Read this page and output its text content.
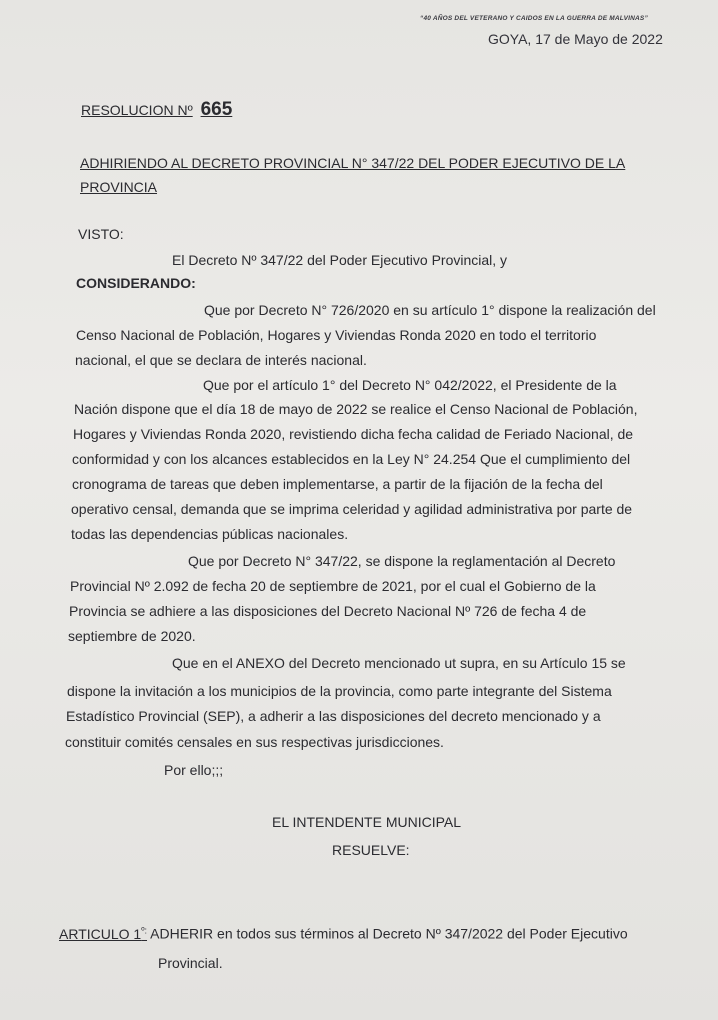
“40 AÑOS DEL VETERANO Y CAIDOS EN LA GUERRA DE MALVINAS”
GOYA, 17 de Mayo de 2022
RESOLUCION Nº 665
ADHIRIENDO AL DECRETO PROVINCIAL N° 347/22 DEL PODER EJECUTIVO DE LA PROVINCIA
VISTO:
El Decreto Nº 347/22 del Poder Ejecutivo Provincial, y
CONSIDERANDO:
Que por Decreto N° 726/2020 en su artículo 1° dispone la realización del
Censo Nacional de Población, Hogares y Viviendas Ronda 2020 en todo el territorio
nacional, el que se declara de interés nacional.
Que por el artículo 1° del Decreto N° 042/2022, el Presidente de la
Nación dispone que el día 18 de mayo de 2022 se realice el Censo Nacional de Población,
Hogares y Viviendas Ronda 2020, revistiendo dicha fecha calidad de Feriado Nacional, de
conformidad y con los alcances establecidos en la Ley N° 24.254 Que el cumplimiento del
cronograma de tareas que deben implementarse, a partir de la fijación de la fecha del
operativo censal, demanda que se imprima celeridad y agilidad administrativa por parte de
todas las dependencias públicas nacionales.
Que por Decreto N° 347/22, se dispone la reglamentación al Decreto
Provincial Nº 2.092 de fecha 20 de septiembre de 2021, por el cual el Gobierno de la
Provincia se adhiere a las disposiciones del Decreto Nacional Nº 726 de fecha 4 de
septiembre de 2020.
Que en el ANEXO del Decreto mencionado ut supra, en su Artículo 15 se
dispone la invitación a los municipios de la provincia, como parte integrante del Sistema
Estadístico Provincial (SEP), a adherir a las disposiciones del decreto mencionado y a
constituir comités censales en sus respectivas jurisdicciones.
Por ello;;;
EL INTENDENTE MUNICIPAL
RESUELVE:
ARTICULO $1^{º:}$ ADHERIR en todos sus términos al Decreto Nº 347/2022 del Poder Ejecutivo
Provincial.
